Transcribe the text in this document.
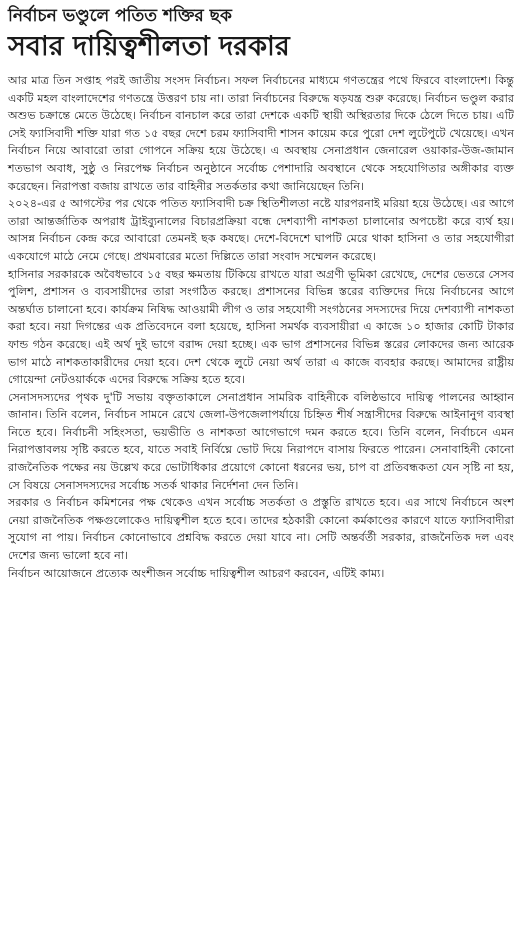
নির্বাচন ভণ্ডুলে পতিত শক্তির ছক
সবার দায়িত্বশীলতা দরকার

আর মাত্র তিন সপ্তাহ পরই জাতীয় সংসদ নির্বাচন। সফল নির্বাচনের মাধ্যমে গণতন্ত্রের পথে ফিরবে বাংলাদেশ। কিন্তু একটি মহল বাংলাদেশের গণতন্ত্রে উত্তরণ চায় না। তারা নির্বাচনের বিরুদ্ধে ষড়যন্ত্র শুরু করেছে। নির্বাচন ভণ্ডুল করার অশুভ চক্রান্তে মেতে উঠেছে। নির্বাচন বানচাল করে তারা দেশকে একটি স্থায়ী অস্থিরতার দিকে ঠেলে দিতে চায়। এটি সেই ফ্যাসিবাদী শক্তি যারা গত ১৫ বছর দেশে চরম ফ্যাসিবাদী শাসন কায়েম করে পুরো দেশ লুটেপুটে খেয়েছে। এখন নির্বাচন নিয়ে আবারো তারা গোপনে সক্রিয় হয়ে উঠেছে। এ অবস্থায় সেনাপ্রধান জেনারেল ওয়াকার-উজ-জামান শতভাগ অবাধ, সুষ্ঠু ও নিরপেক্ষ নির্বাচন অনুষ্ঠানে সর্বোচ্চ পেশাদারি অবস্থানে থেকে সহযোগিতার অঙ্গীকার ব্যক্ত করেছেন। নিরাপত্তা বজায় রাখতে তার বাহিনীর সতর্কতার কথা জানিয়েছেন তিনি।

২০২৪-এর ৫ আগস্টের পর থেকে পতিত ফ্যাসিবাদী চক্র স্থিতিশীলতা নষ্টে যারপরনাই মরিয়া হয়ে উঠেছে। এর আগে তারা আন্তর্জাতিক অপরাধ ট্রাইব্যুনালের বিচারপ্রক্রিয়া বন্ধে দেশব্যাপী নাশকতা চালানোর অপচেষ্টা করে ব্যর্থ হয়। আসন্ন নির্বাচন কেন্দ্র করে আবারো তেমনই ছক কষছে। দেশে-বিদেশে ঘাপটি মেরে থাকা হাসিনা ও তার সহযোগীরা একযোগে মাঠে নেমে গেছে। প্রথমবারের মতো দিল্লিতে তারা সংবাদ সম্মেলন করেছে।

হাসিনার সরকারকে অবৈধভাবে ১৫ বছর ক্ষমতায় টিকিয়ে রাখতে যারা অগ্রণী ভূমিকা রেখেছে, দেশের ভেতরে সেসব পুলিশ, প্রশাসন ও ব্যবসায়ীদের তারা সংগঠিত করছে। প্রশাসনের বিভিন্ন স্তরের ব্যক্তিদের দিয়ে নির্বাচনের আগে অন্তর্ঘাত চালানো হবে। কার্যক্রম নিষিদ্ধ আওয়ামী লীগ ও তার সহযোগী সংগঠনের সদস্যদের দিয়ে দেশব্যাপী নাশকতা করা হবে। নয়া দিগন্তের এক প্রতিবেদনে বলা হয়েছে, হাসিনা সমর্থক ব্যবসায়ীরা এ কাজে ১০ হাজার কোটি টাকার ফান্ড গঠন করেছে। এই অর্থ দুই ভাগে বরাদ্দ দেয়া হচ্ছে। এক ভাগ প্রশাসনের বিভিন্ন স্তরের লোকদের জন্য আরেক ভাগ মাঠে নাশকতাকারীদের দেয়া হবে। দেশ থেকে লুটে নেয়া অর্থ তারা এ কাজে ব্যবহার করছে। আমাদের রাষ্ট্রীয় গোয়েন্দা নেটওয়ার্ককে এদের বিরুদ্ধে সক্রিয় হতে হবে।

সেনাসদস্যদের পৃথক দু'টি সভায় বক্তৃতাকালে সেনাপ্রধান সামরিক বাহিনীকে বলিষ্ঠভাবে দায়িত্ব পালনের আহ্বান জানান। তিনি বলেন, নির্বাচন সামনে রেখে জেলা-উপজেলাপর্যায়ে চিহ্নিত শীর্ষ সন্ত্রাসীদের বিরুদ্ধে আইনানুগ ব্যবস্থা নিতে হবে। নির্বাচনী সহিংসতা, ভয়ভীতি ও নাশকতা আগেভাগে দমন করতে হবে। তিনি বলেন, নির্বাচনে এমন নিরাপত্তাবলয় সৃষ্টি করতে হবে, যাতে সবাই নির্বিঘ্নে ভোট দিয়ে নিরাপদে বাসায় ফিরতে পারেন। সেনাবাহিনী কোনো রাজনৈতিক পক্ষের নয় উল্লেখ করে ভোটাধিকার প্রয়োগে কোনো ধরনের ভয়, চাপ বা প্রতিবন্ধকতা যেন সৃষ্টি না হয়, সে বিষয়ে সেনাসদস্যদের সর্বোচ্চ সতর্ক থাকার নির্দেশনা দেন তিনি।

সরকার ও নির্বাচন কমিশনের পক্ষ থেকেও এখন সর্বোচ্চ সতর্কতা ও প্রস্তুতি রাখতে হবে। এর সাথে নির্বাচনে অংশ নেয়া রাজনৈতিক পক্ষগুলোকেও দায়িত্বশীল হতে হবে। তাদের হঠকারী কোনো কর্মকাণ্ডের কারণে যাতে ফ্যাসিবাদীরা সুযোগ না পায়। নির্বাচন কোনোভাবে প্রশ্নবিদ্ধ করতে দেয়া যাবে না। সেটি অন্তর্বর্তী সরকার, রাজনৈতিক দল এবং দেশের জন্য ভালো হবে না।

নির্বাচন আয়োজনে প্রত্যেক অংশীজন সর্বোচ্চ দায়িত্বশীল আচরণ করবেন, এটিই কাম্য।
